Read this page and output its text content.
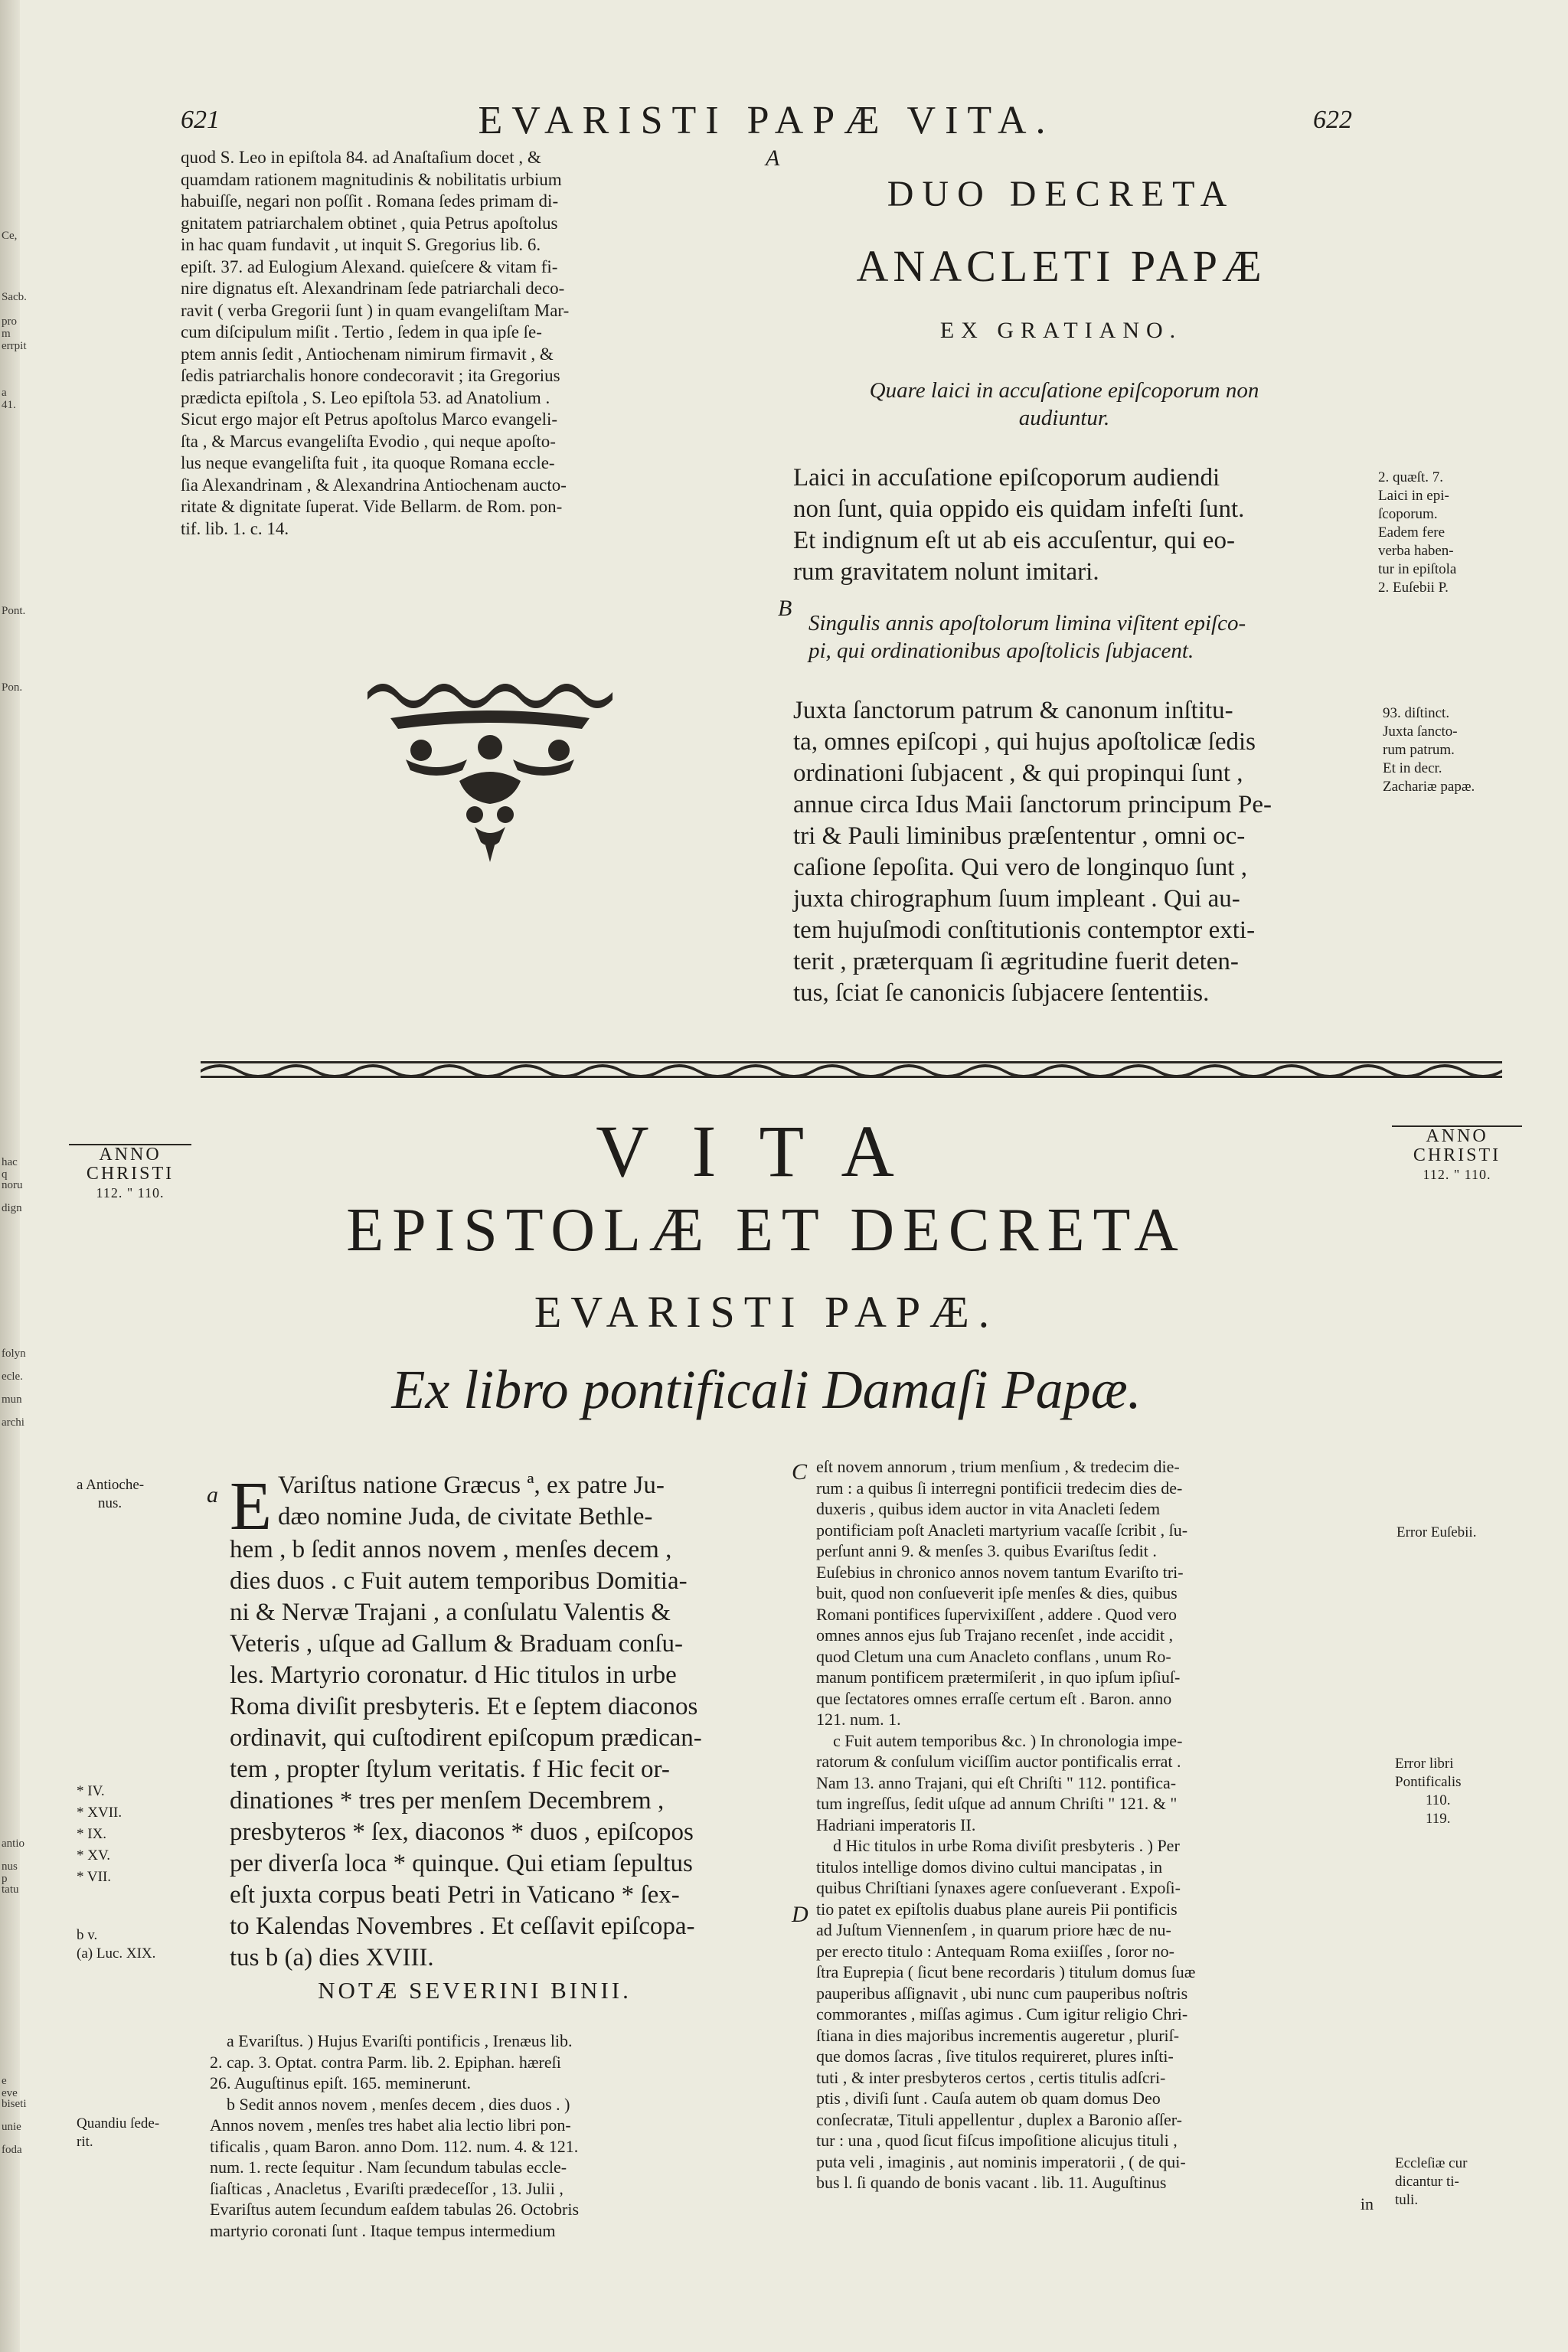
Ce,
Sacb.
pro m
errpit
a 41.
Pont.
Pon.
hac q
noru
dign
folyn
ecle.
mun
archi
antio
nus p
tatu
e eve
biseti
unie
foda
621	EVARISTI PAPÆ VITA.	622
quod S. Leo in epiſtola 84. ad Anaſtaſium docet , &
quamdam rationem magnitudinis & nobilitatis urbium
habuiſſe, negari non poſſit . Romana ſedes primam di-
gnitatem patriarchalem obtinet , quia Petrus apoſtolus
in hac quam fundavit , ut inquit S. Gregorius lib. 6.
epiſt. 37. ad Eulogium Alexand. quieſcere & vitam fi-
nire dignatus eſt. Alexandrinam ſede patriarchali deco-
ravit ( verba Gregorii ſunt ) in quam evangeliſtam Mar-
cum diſcipulum miſit . Tertio , ſedem in qua ipſe ſe-
ptem annis ſedit , Antiochenam nimirum firmavit , &
ſedis patriarchalis honore condecoravit ; ita Gregorius
prædicta epiſtola , S. Leo epiſtola 53. ad Anatolium .
Sicut ergo major eſt Petrus apoſtolus Marco evangeli-
ſta , & Marcus evangeliſta Evodio , qui neque apoſto-
lus neque evangeliſta fuit , ita quoque Romana eccle-
ſia Alexandrinam , & Alexandrina Antiochenam aucto-
ritate & dignitate ſuperat. Vide Bellarm. de Rom. pon-
tif. lib. 1. c. 14.
A
DUO DECRETA
ANACLETI PAPÆ
EX GRATIANO.
Quare laici in accuſatione epiſcoporum non
audiuntur.
Laici in accuſatione epiſcoporum audiendi
non ſunt, quia oppido eis quidam infeſti ſunt.
Et indignum eſt ut ab eis accuſentur, qui eo-
rum gravitatem nolunt imitari.
2. quæſt. 7.
Laici in epi-
ſcoporum.
Eadem fere
verba haben-
tur in epiſtola
2. Euſebii P.
B
Singulis annis apoſtolorum limina viſitent epiſco-
pi, qui ordinationibus apoſtolicis ſubjacent.
Juxta ſanctorum patrum & canonum inſtitu-
ta, omnes epiſcopi , qui hujus apoſtolicæ ſedis
ordinationi ſubjacent , & qui propinqui ſunt ,
annue circa Idus Maii ſanctorum principum Pe-
tri & Pauli liminibus præſententur , omni oc-
caſione ſepoſita. Qui vero de longinquo ſunt ,
juxta chirographum ſuum impleant . Qui au-
tem hujuſmodi conſtitutionis contemptor exti-
terit , præterquam ſi ægritudine fuerit deten-
tus, ſciat ſe canonicis ſubjacere ſententiis.
93. diſtinct.
Juxta ſancto-
rum patrum.
Et in decr.
Zachariæ papæ.
ANNO
CHRISTI
112. " 110.
ANNO
CHRISTI
112. " 110.
VITA
EPISTOLÆ ET DECRETA
EVARISTI PAPÆ.
Ex libro pontificali Damaſi Papæ.
a Antioche-
nus.
* IV.
* XVII.
* IX.
* XV.
* VII.
b v.
(a) Luc. XIX.
Quandiu ſede-
rit.
a E Variſtus natione Græcus ª, ex patre Ju-
dæo nomine Juda, de civitate Bethle-
hem , b ſedit annos novem , menſes decem ,
dies duos . c Fuit autem temporibus Domitia-
ni & Nervæ Trajani , a conſulatu Valentis &
Veteris , uſque ad Gallum & Braduam conſu-
les. Martyrio coronatur. d Hic titulos in urbe
Roma diviſit presbyteris. Et e ſeptem diaconos
ordinavit, qui cuſtodirent epiſcopum prædican-
tem , propter ſtylum veritatis. f Hic fecit or-
dinationes * tres per menſem Decembrem ,
presbyteros * ſex, diaconos * duos , epiſcopos
per diverſa loca * quinque. Qui etiam ſepultus
eſt juxta corpus beati Petri in Vaticano * ſex-
to Kalendas Novembres . Et ceſſavit epiſcopa-
tus b (a) dies XVIII.
NOTÆ SEVERINI BINII.
a Evariſtus. ) Hujus Evariſti pontificis , Irenæus lib.
2. cap. 3. Optat. contra Parm. lib. 2. Epiphan. hæreſi
26. Auguſtinus epiſt. 165. meminerunt.
b Sedit annos novem , menſes decem , dies duos . )
Annos novem , menſes tres habet alia lectio libri pon-
tificalis , quam Baron. anno Dom. 112. num. 4. & 121.
num. 1. recte ſequitur . Nam ſecundum tabulas eccle-
ſiaſticas , Anacletus , Evariſti prædeceſſor , 13. Julii ,
Evariſtus autem ſecundum eaſdem tabulas 26. Octobris
martyrio coronati ſunt . Itaque tempus intermedium
C
D
eſt novem annorum , trium menſium , & tredecim die-
rum : a quibus ſi interregni pontificii tredecim dies de-
duxeris , quibus idem auctor in vita Anacleti ſedem
pontificiam poſt Anacleti martyrium vacaſſe ſcribit , ſu-
perſunt anni 9. & menſes 3. quibus Evariſtus ſedit .
Euſebius in chronico annos novem tantum Evariſto tri-
buit, quod non conſueverit ipſe menſes & dies, quibus
Romani pontifices ſupervixiſſent , addere . Quod vero
omnes annos ejus ſub Trajano recenſet , inde accidit ,
quod Cletum una cum Anacleto conflans , unum Ro-
manum pontificem prætermiſerit , in quo ipſum ipſiuſ-
que ſectatores omnes erraſſe certum eſt . Baron. anno
121. num. 1.
c Fuit autem temporibus &c. ) In chronologia impe-
ratorum & conſulum viciſſim auctor pontificalis errat .
Nam 13. anno Trajani, qui eſt Chriſti " 112. pontifica-
tum ingreſſus, ſedit uſque ad annum Chriſti " 121. & "
Hadriani imperatoris II.
d Hic titulos in urbe Roma diviſit presbyteris . ) Per
titulos intellige domos divino cultui mancipatas , in
quibus Chriſtiani ſynaxes agere conſueverant . Expoſi-
tio patet ex epiſtolis duabus plane aureis Pii pontificis
ad Juſtum Viennenſem , in quarum priore hæc de nu-
per erecto titulo : Antequam Roma exiiſſes , ſoror no-
ſtra Euprepia ( ſicut bene recordaris ) titulum domus ſuæ
pauperibus aſſignavit , ubi nunc cum pauperibus noſtris
commorantes , miſſas agimus . Cum igitur religio Chri-
ſtiana in dies majoribus incrementis augeretur , pluriſ-
que domos ſacras , ſive titulos requireret, plures inſti-
tuti , & inter presbyteros certos , certis titulis adſcri-
ptis , diviſi ſunt . Cauſa autem ob quam domus Deo
conſecratæ, Tituli appellentur , duplex a Baronio aſſer-
tur : una , quod ſicut fiſcus impoſitione alicujus tituli ,
puta veli , imaginis , aut nominis imperatorii , ( de qui-
bus l. ſi quando de bonis vacant . lib. 11. Auguſtinus
in
Error Euſebii.
Error libri
Pontificalis
110.
119.
Eccleſiæ cur
dicantur ti-
tuli.
